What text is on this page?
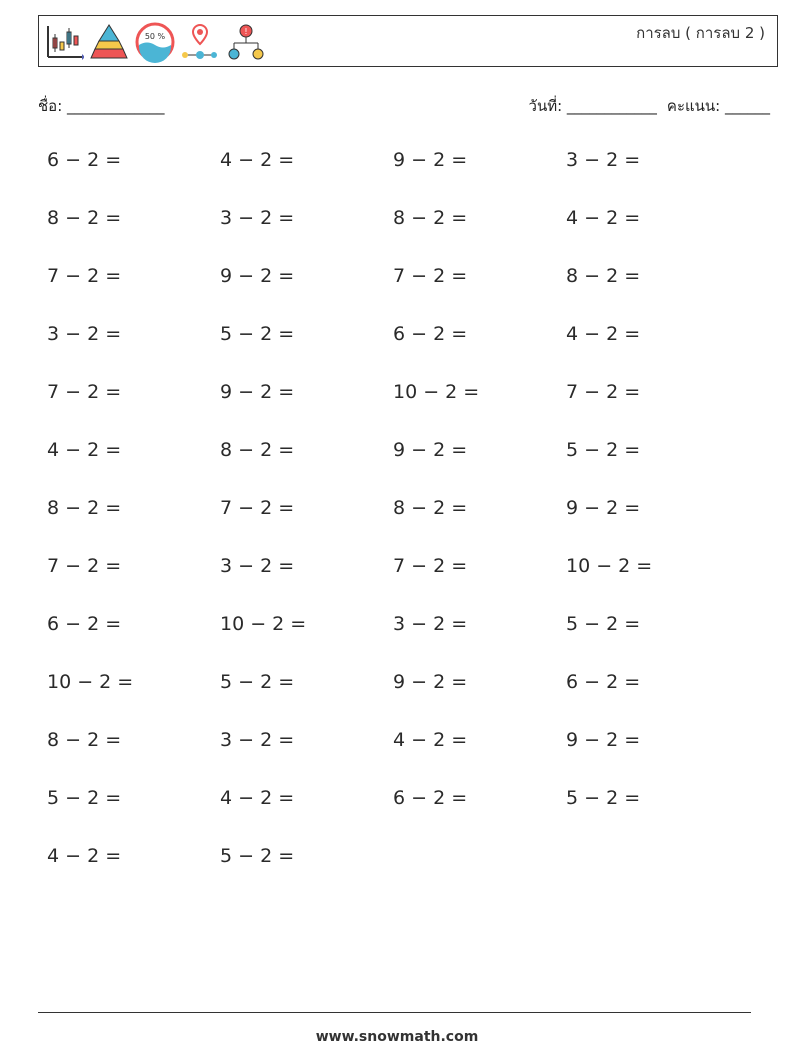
50 %
!	การลบ ( การลบ 2 )
ชื่อ: _____________	วันที่: ____________ คะแนน: ______
6 − 2 =	4 − 2 =	9 − 2 =	3 − 2 =
8 − 2 =	3 − 2 =	8 − 2 =	4 − 2 =
7 − 2 =	9 − 2 =	7 − 2 =	8 − 2 =
3 − 2 =	5 − 2 =	6 − 2 =	4 − 2 =
7 − 2 =	9 − 2 =	10 − 2 =	7 − 2 =
4 − 2 =	8 − 2 =	9 − 2 =	5 − 2 =
8 − 2 =	7 − 2 =	8 − 2 =	9 − 2 =
7 − 2 =	3 − 2 =	7 − 2 =	10 − 2 =
6 − 2 =	10 − 2 =	3 − 2 =	5 − 2 =
10 − 2 =	5 − 2 =	9 − 2 =	6 − 2 =
8 − 2 =	3 − 2 =	4 − 2 =	9 − 2 =
5 − 2 =	4 − 2 =	6 − 2 =	5 − 2 =
4 − 2 =	5 − 2 =
www.snowmath.com
